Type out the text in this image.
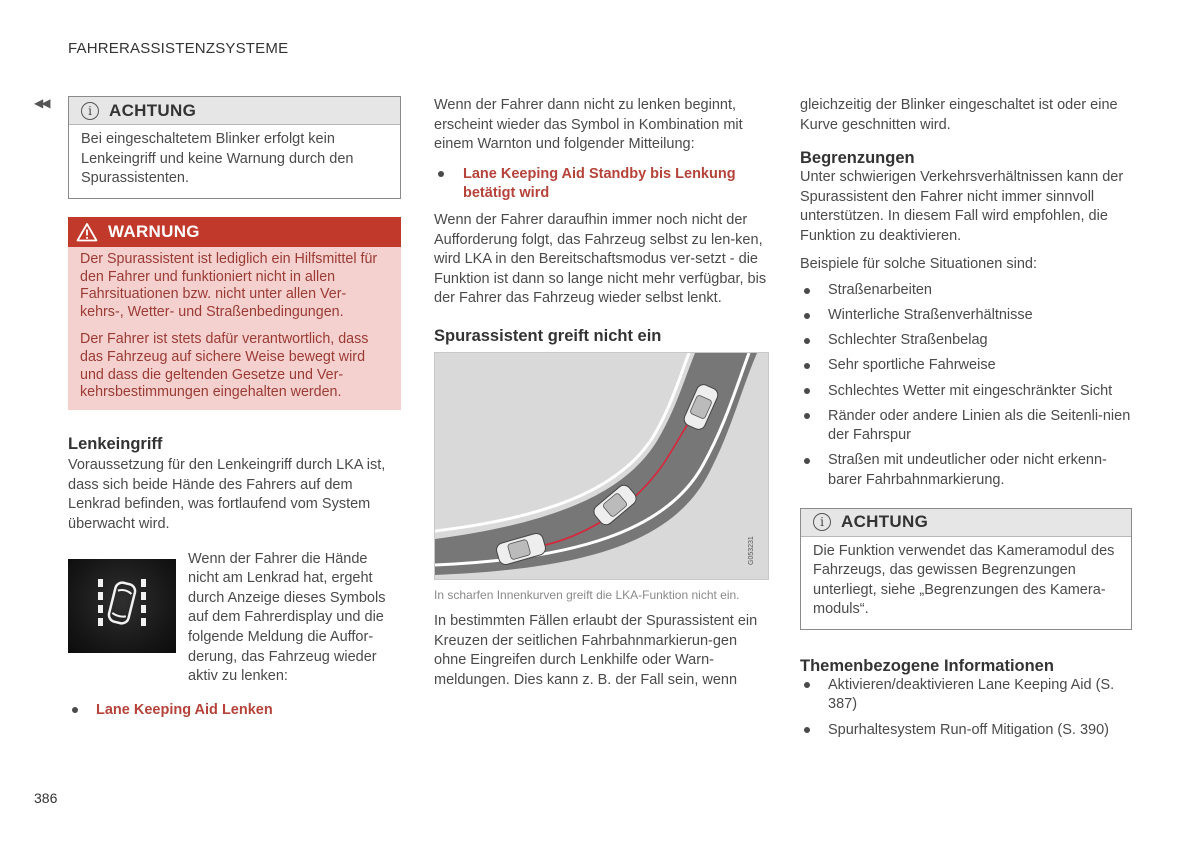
FAHRERASSISTENZSYSTEME
◀◀
386
i	ACHTUNG

Bei eingeschaltetem Blinker erfolgt kein Lenkeingriff und keine Warnung durch den Spurassistenten.

WARNUNG

Der Spurassistent ist lediglich ein Hilfsmittel für den Fahrer und funktioniert nicht in allen Fahrsituationen bzw. nicht unter allen Ver-kehrs-, Wetter- und Straßenbedingungen.

Der Fahrer ist stets dafür verantwortlich, dass das Fahrzeug auf sichere Weise bewegt wird und dass die geltenden Gesetze und Ver-kehrsbestimmungen eingehalten werden.

Lenkeingriff

Voraussetzung für den Lenkeingriff durch LKA ist, dass sich beide Hände des Fahrers auf dem Lenkrad befinden, was fortlaufend vom System überwacht wird.

Wenn der Fahrer die Hände nicht am Lenkrad hat, ergeht durch Anzeige dieses Symbols auf dem Fahrerdisplay und die folgende Meldung die Auffor-derung, das Fahrzeug wieder aktiv zu lenken:

Lane Keeping Aid Lenken

Wenn der Fahrer dann nicht zu lenken beginnt, erscheint wieder das Symbol in Kombination mit einem Warnton und folgender Mitteilung:

Lane Keeping Aid Standby bis Lenkung betätigt wird

Wenn der Fahrer daraufhin immer noch nicht der Aufforderung folgt, das Fahrzeug selbst zu len-ken, wird LKA in den Bereitschaftsmodus ver-setzt - die Funktion ist dann so lange nicht mehr verfügbar, bis der Fahrer das Fahrzeug wieder selbst lenkt.

Spurassistent greift nicht ein
G053231

In scharfen Innenkurven greift die LKA-Funktion nicht ein.

In bestimmten Fällen erlaubt der Spurassistent ein Kreuzen der seitlichen Fahrbahnmarkierun-gen ohne Eingreifen durch Lenkhilfe oder Warn-meldungen. Dies kann z. B. der Fall sein, wenn

gleichzeitig der Blinker eingeschaltet ist oder eine Kurve geschnitten wird.

Begrenzungen

Unter schwierigen Verkehrsverhältnissen kann der Spurassistent den Fahrer nicht immer sinnvoll unterstützen. In diesem Fall wird empfohlen, die Funktion zu deaktivieren.

Beispiele für solche Situationen sind:

Straßenarbeiten
Winterliche Straßenverhältnisse
Schlechter Straßenbelag
Sehr sportliche Fahrweise
Schlechtes Wetter mit eingeschränkter Sicht
Ränder oder andere Linien als die Seitenli-nien der Fahrspur
Straßen mit undeutlicher oder nicht erkenn-barer Fahrbahnmarkierung.
i	ACHTUNG

Die Funktion verwendet das Kameramodul des Fahrzeugs, das gewissen Begrenzungen unterliegt, siehe „Begrenzungen des Kamera-moduls“.

Themenbezogene Informationen
Aktivieren/deaktivieren Lane Keeping Aid (S. 387)
Spurhaltesystem Run-off Mitigation (S. 390)
